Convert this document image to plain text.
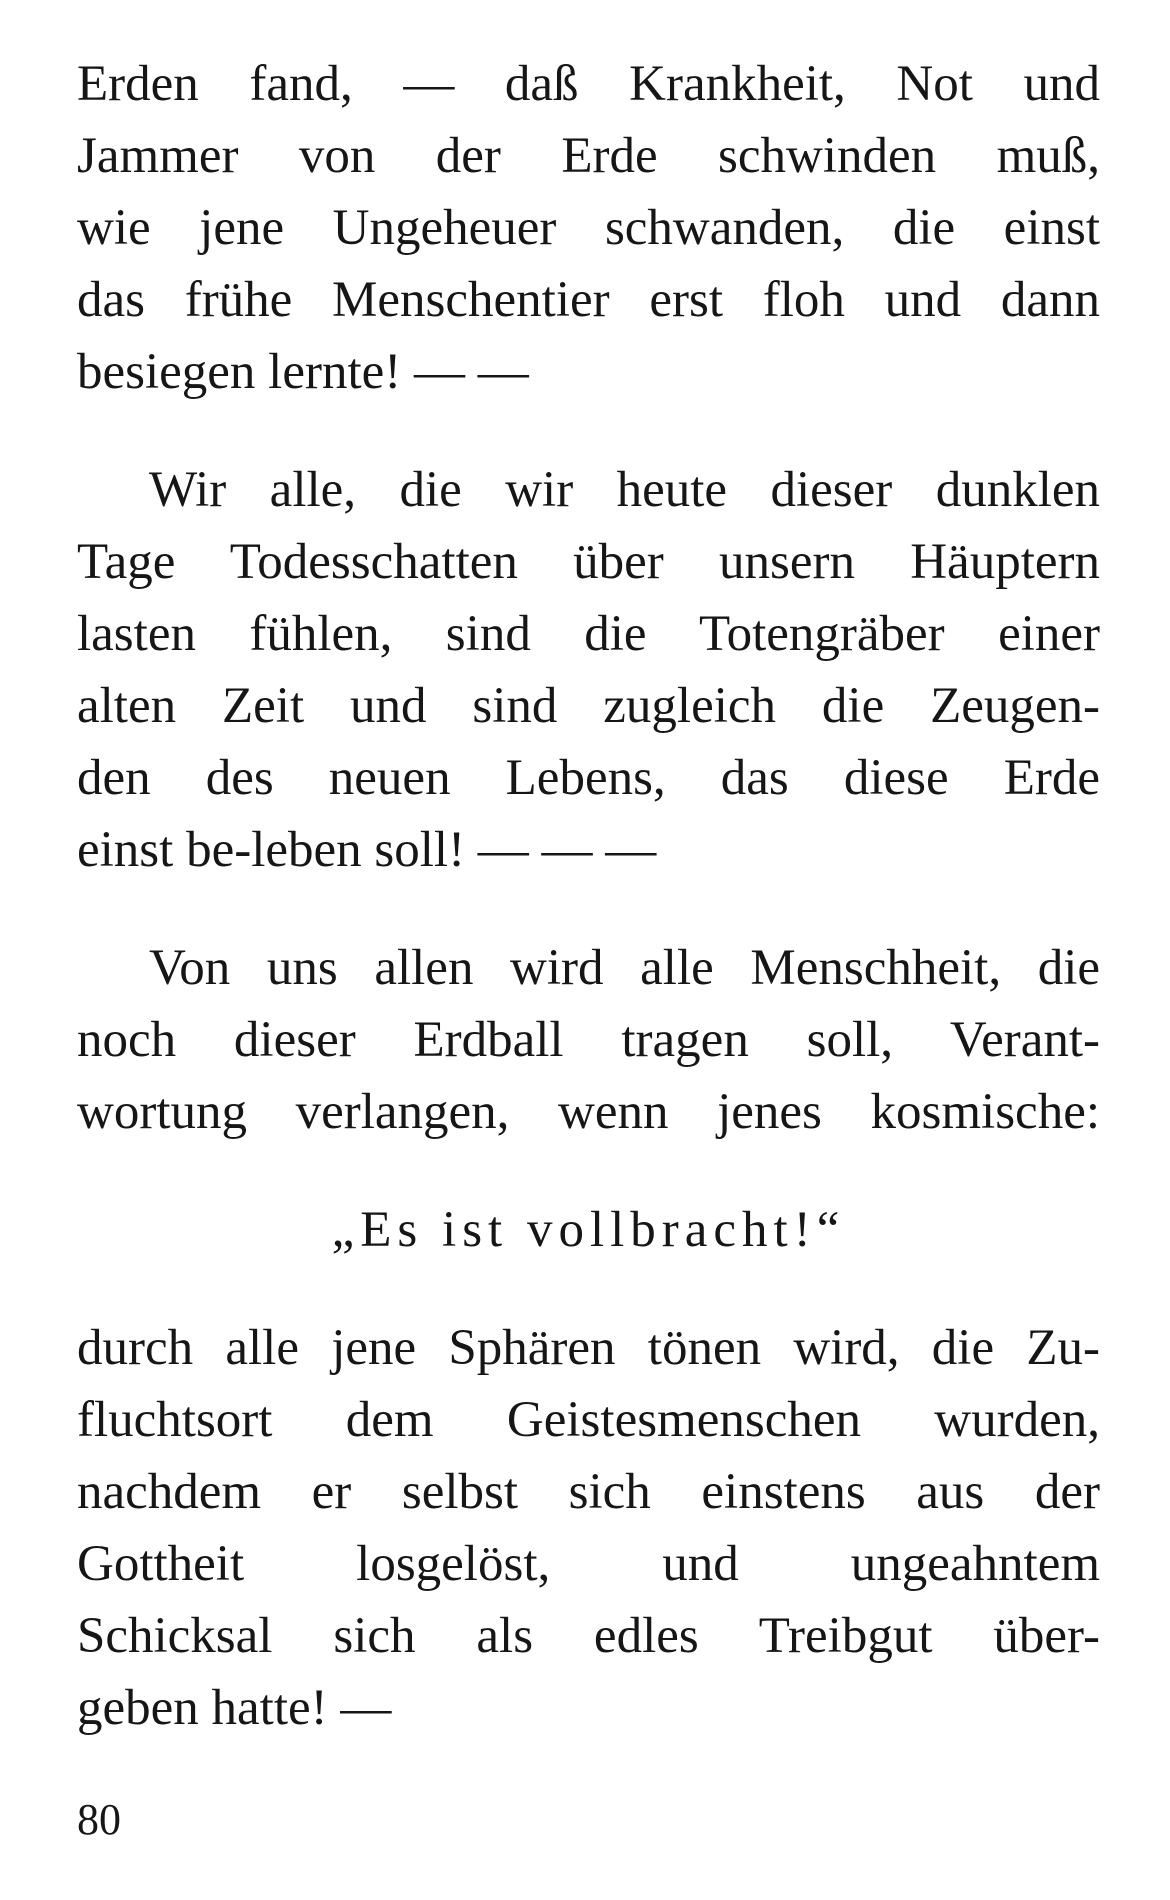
Erden fand, — daß Krankheit, Not und
Jammer von der Erde schwinden muß,
wie jene Ungeheuer schwanden, die einst
das frühe Menschentier erst floh und dann
besiegen lernte! — —
Wir alle, die wir heute dieser dunklen
Tage Todesschatten über unsern Häuptern
lasten fühlen, sind die Totengräber einer
alten Zeit und sind zugleich die Zeugen-
den des neuen Lebens, das diese Erde
einst be-leben soll! — — —
Von uns allen wird alle Menschheit, die
noch dieser Erdball tragen soll, Verant-
wortung verlangen, wenn jenes kosmische:
„Es ist vollbracht!“
durch alle jene Sphären tönen wird, die Zu-
fluchtsort dem Geistesmenschen wurden,
nachdem er selbst sich einstens aus der
Gottheit losgelöst, und ungeahntem
Schicksal sich als edles Treibgut über-
geben hatte! —
80
